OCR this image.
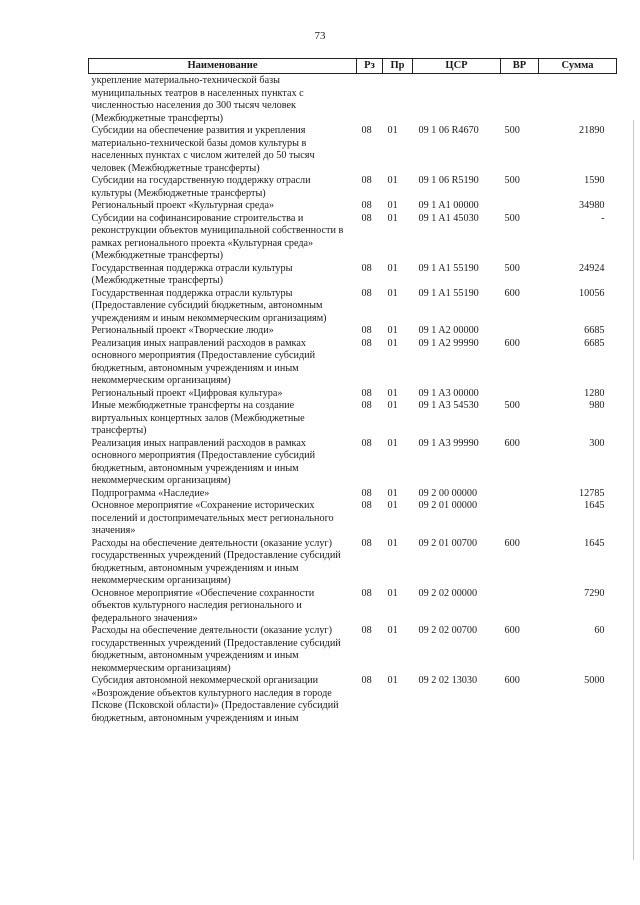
73
Наименование	Рз	Пр	ЦСР	ВР	Сумма
укрепление материально-технической базы муниципальных театров в населенных пунктах с численностью населения до 300 тысяч человек (Межбюджетные трансферты)					
Субсидии на обеспечение развития и укрепления материально-технической базы домов культуры в населенных пунктах с числом жителей до 50 тысяч человек (Межбюджетные трансферты)	08	01	09 1 06 R4670	500	21890
Субсидии на государственную поддержку отрасли культуры (Межбюджетные трансферты)	08	01	09 1 06 R5190	500	1590
Региональный проект «Культурная среда»	08	01	09 1 A1 00000		34980
Субсидии на софинансирование строительства и реконструкции объектов муниципальной собственности в рамках регионального проекта «Культурная среда» (Межбюджетные трансферты)	08	01	09 1 A1 45030	500	-
Государственная поддержка отрасли культуры (Межбюджетные трансферты)	08	01	09 1 A1 55190	500	24924
Государственная поддержка отрасли культуры (Предоставление субсидий бюджетным, автономным учреждениям и иным некоммерческим организациям)	08	01	09 1 A1 55190	600	10056
Региональный проект «Творческие люди»	08	01	09 1 A2 00000		6685
Реализация иных направлений расходов в рамках основного мероприятия (Предоставление субсидий бюджетным, автономным учреждениям и иным некоммерческим организациям)	08	01	09 1 A2 99990	600	6685
Региональный проект «Цифровая культура»	08	01	09 1 A3 00000		1280
Иные межбюджетные трансферты на создание виртуальных концертных залов (Межбюджетные трансферты)	08	01	09 1 A3 54530	500	980
Реализация иных направлений расходов в рамках основного мероприятия (Предоставление субсидий бюджетным, автономным учреждениям и иным некоммерческим организациям)	08	01	09 1 A3 99990	600	300
Подпрограмма «Наследие»	08	01	09 2 00 00000		12785
Основное мероприятие «Сохранение исторических поселений и достопримечательных мест регионального значения»	08	01	09 2 01 00000		1645
Расходы на обеспечение деятельности (оказание услуг) государственных учреждений (Предоставление субсидий бюджетным, автономным учреждениям и иным некоммерческим организациям)	08	01	09 2 01 00700	600	1645
Основное мероприятие «Обеспечение сохранности объектов культурного наследия регионального и федерального значения»	08	01	09 2 02 00000		7290
Расходы на обеспечение деятельности (оказание услуг) государственных учреждений (Предоставление субсидий бюджетным, автономным учреждениям и иным некоммерческим организациям)	08	01	09 2 02 00700	600	60
Субсидия автономной некоммерческой организации «Возрождение объектов культурного наследия в городе Пскове (Псковской области)» (Предоставление субсидий бюджетным, автономным учреждениям и иным	08	01	09 2 02 13030	600	5000
